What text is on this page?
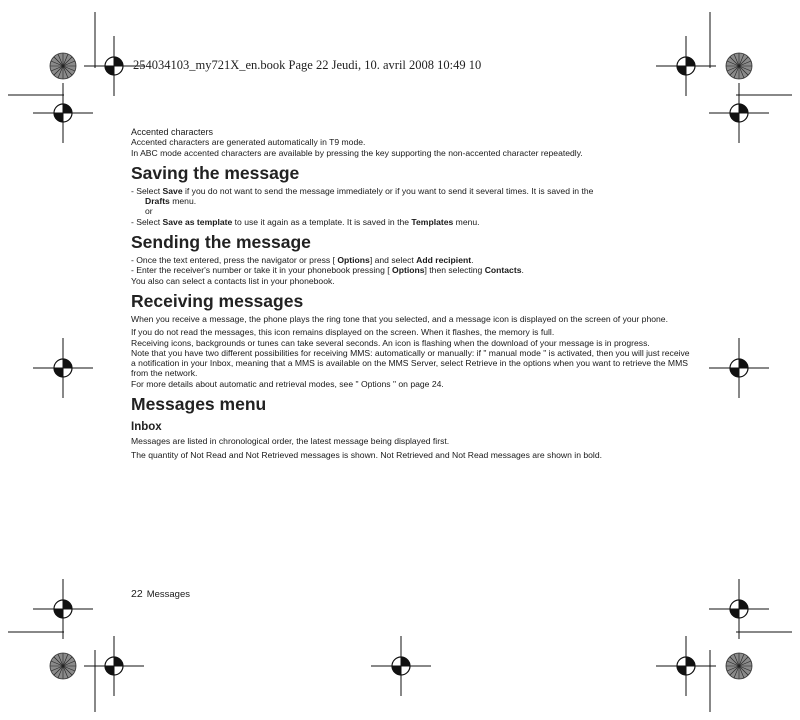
254034103_my721X_en.book Page 22 Jeudi, 10. avril 2008 10:49 10

Accented characters

Accented characters are generated automatically in T9 mode.

In ABC mode accented characters are available by pressing the key supporting the non-accented character repeatedly.

Saving the message

- Select Save if you do not want to send the message immediately or if you want to send it several times. It is saved in the
Drafts menu.

or

- Select Save as template to use it again as a template. It is saved in the Templates menu.

Sending the message

- Once the text entered, press the navigator or press [ Options] and select Add recipient.

- Enter the receiver's number or take it in your phonebook pressing [ Options] then selecting Contacts.

You also can select a contacts list in your phonebook.

Receiving messages

When you receive a message, the phone plays the ring tone that you selected, and a message icon is displayed on the screen of your phone.

If you do not read the messages, this icon remains displayed on the screen. When it flashes, the memory is full.

Receiving icons, backgrounds or tunes can take several seconds. An icon is flashing when the download of your message is in progress.

Note that you have two different possibilities for receiving MMS: automatically or manually: if " manual mode " is activated, then you will just receive a notification in your Inbox, meaning that a MMS is available on the MMS Server, select Retrieve in the options when you want to retrieve the MMS from the network.

For more details about automatic and retrieval modes, see " Options " on page 24.

Messages menu
Inbox

Messages are listed in chronological order, the latest message being displayed first.

The quantity of Not Read and Not Retrieved messages is shown. Not Retrieved and Not Read messages are shown in bold.

22 Messages
